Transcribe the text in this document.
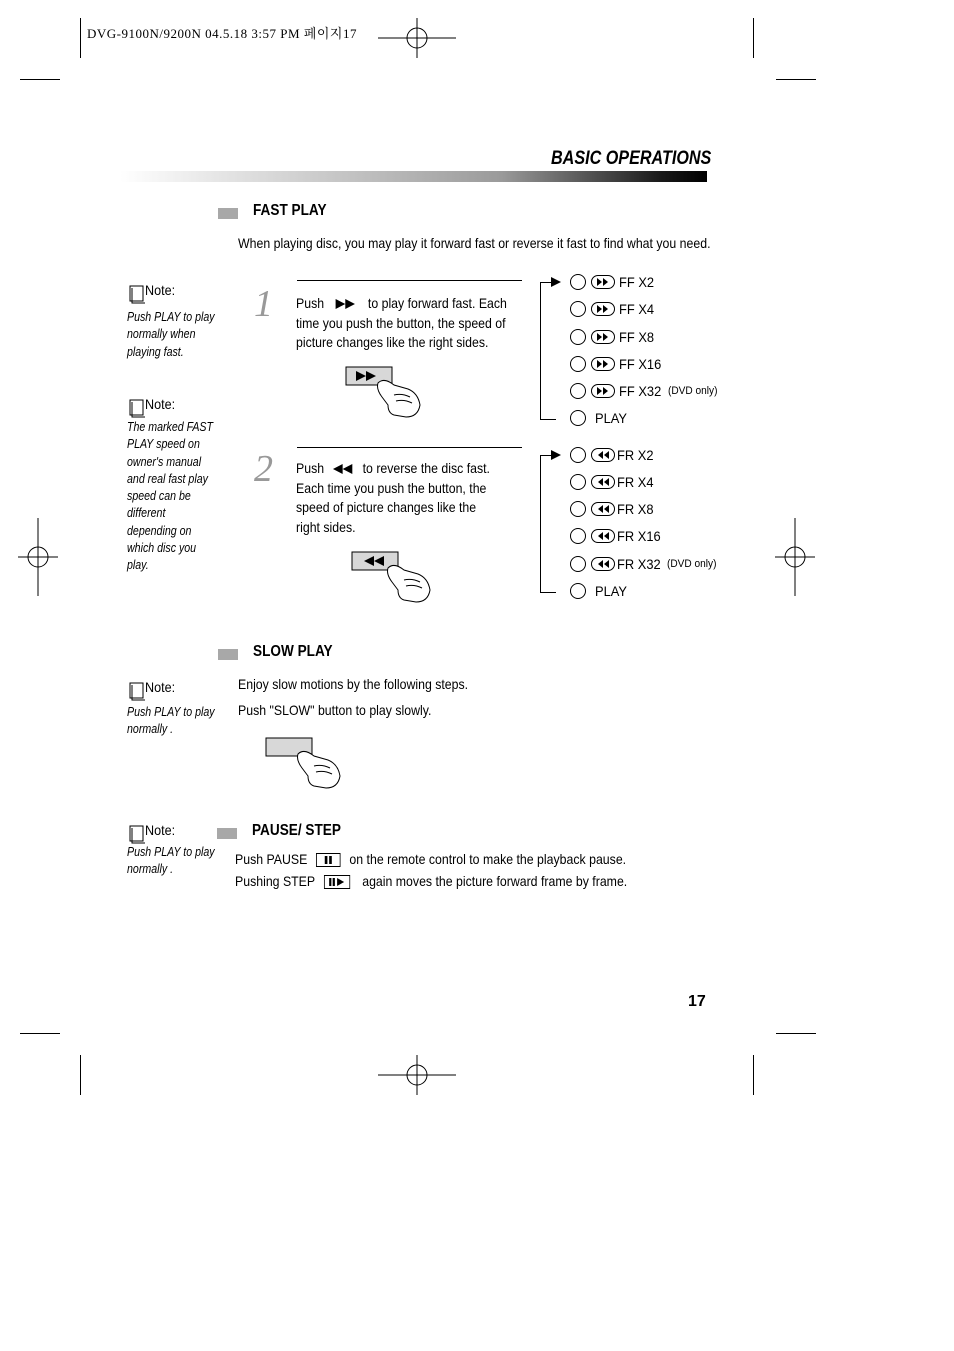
DVG-9100N/9200N 04.5.18 3:57 PM 페이지17
BASIC OPERATIONS
FAST PLAY
When playing disc, you may play it forward fast or reverse it fast to find what you need.
Note:
Push PLAY to play normally when playing fast.
Note:
The marked FAST PLAY speed on owner's manual and real fast play speed can be different depending on which disc you play.
1 Push	to play forward fast. Each time you push the button, the speed of picture changes like the right sides.
FF X2
FF X4
FF X8
FF X16
FF X32 (DVD only)
PLAY
2 Push	to reverse the disc fast. Each time you push the button, the speed of picture changes like the right sides.
FR X2
FR X4
FR X8
FR X16
FR X32 (DVD only)
PLAY
SLOW PLAY
Note:
Push PLAY to play normally .
Enjoy slow motions by the following steps.
Push "SLOW" button to play slowly.
PAUSE/ STEP
Note:
Push PLAY to play normally .
Push PAUSE	on the remote control to make the playback pause.
Pushing STEP	again moves the picture forward frame by frame.
17
